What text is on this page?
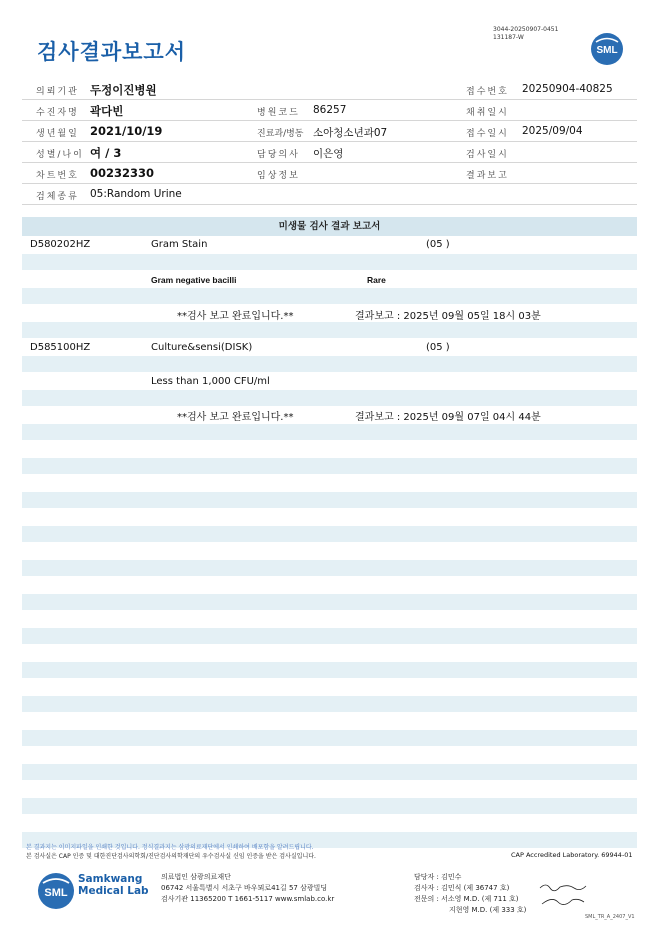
검사결과보고서
3044-20250907-0451
131187-W
SML
의뢰기관 두정이진병원	접수번호 20250904-40825
수진자명 곽다빈	병원코드 86257	채취일시
생년월일 2021/10/19	진료과/병동 소아청소년과07	접수일시 2025/09/04
성별/나이 여 / 3	담당의사 이은영	검사일시
차트번호 00232330	임상정보	결과보고
검체종류 05:Random Urine
미생물 검사 결과 보고서
D580202HZ	Gram Stain	(05 )
Gram negative bacilli	Rare
**검사 보고 완료입니다.**	결과보고 : 2025년 09월 05일 18시 03분
D585100HZ	Culture&sensi(DISK)	(05 )
Less than 1,000 CFU/ml
**검사 보고 완료입니다.**	결과보고 : 2025년 09월 07일 04시 44분
본 결과지는 이미지파일을 인쇄한 것입니다. 정식결과지는 삼광의료재단에서 인쇄하여 배포함을 알려드립니다.
본 검사실은 CAP 인증 및 대한진단검사의학회/진단검사의학재단의 우수검사실 신임 인증을 받은 검사실입니다.	CAP Accredited Laboratory. 69944-01
SML
Samkwang
Medical Lab
의료법인 삼광의료재단
06742 서울특별시 서초구 바우뫼로41길 57 삼광빌딩
검사기관 11365200 T 1661-5117 www.smlab.co.kr
담당자 : 김민수
검사자 : 김민식 (제 36747 호)
전문의 : 서소영 M.D. (제 711 호)
지현영 M.D. (제 333 호)
SML_TR_A_2407_V1
